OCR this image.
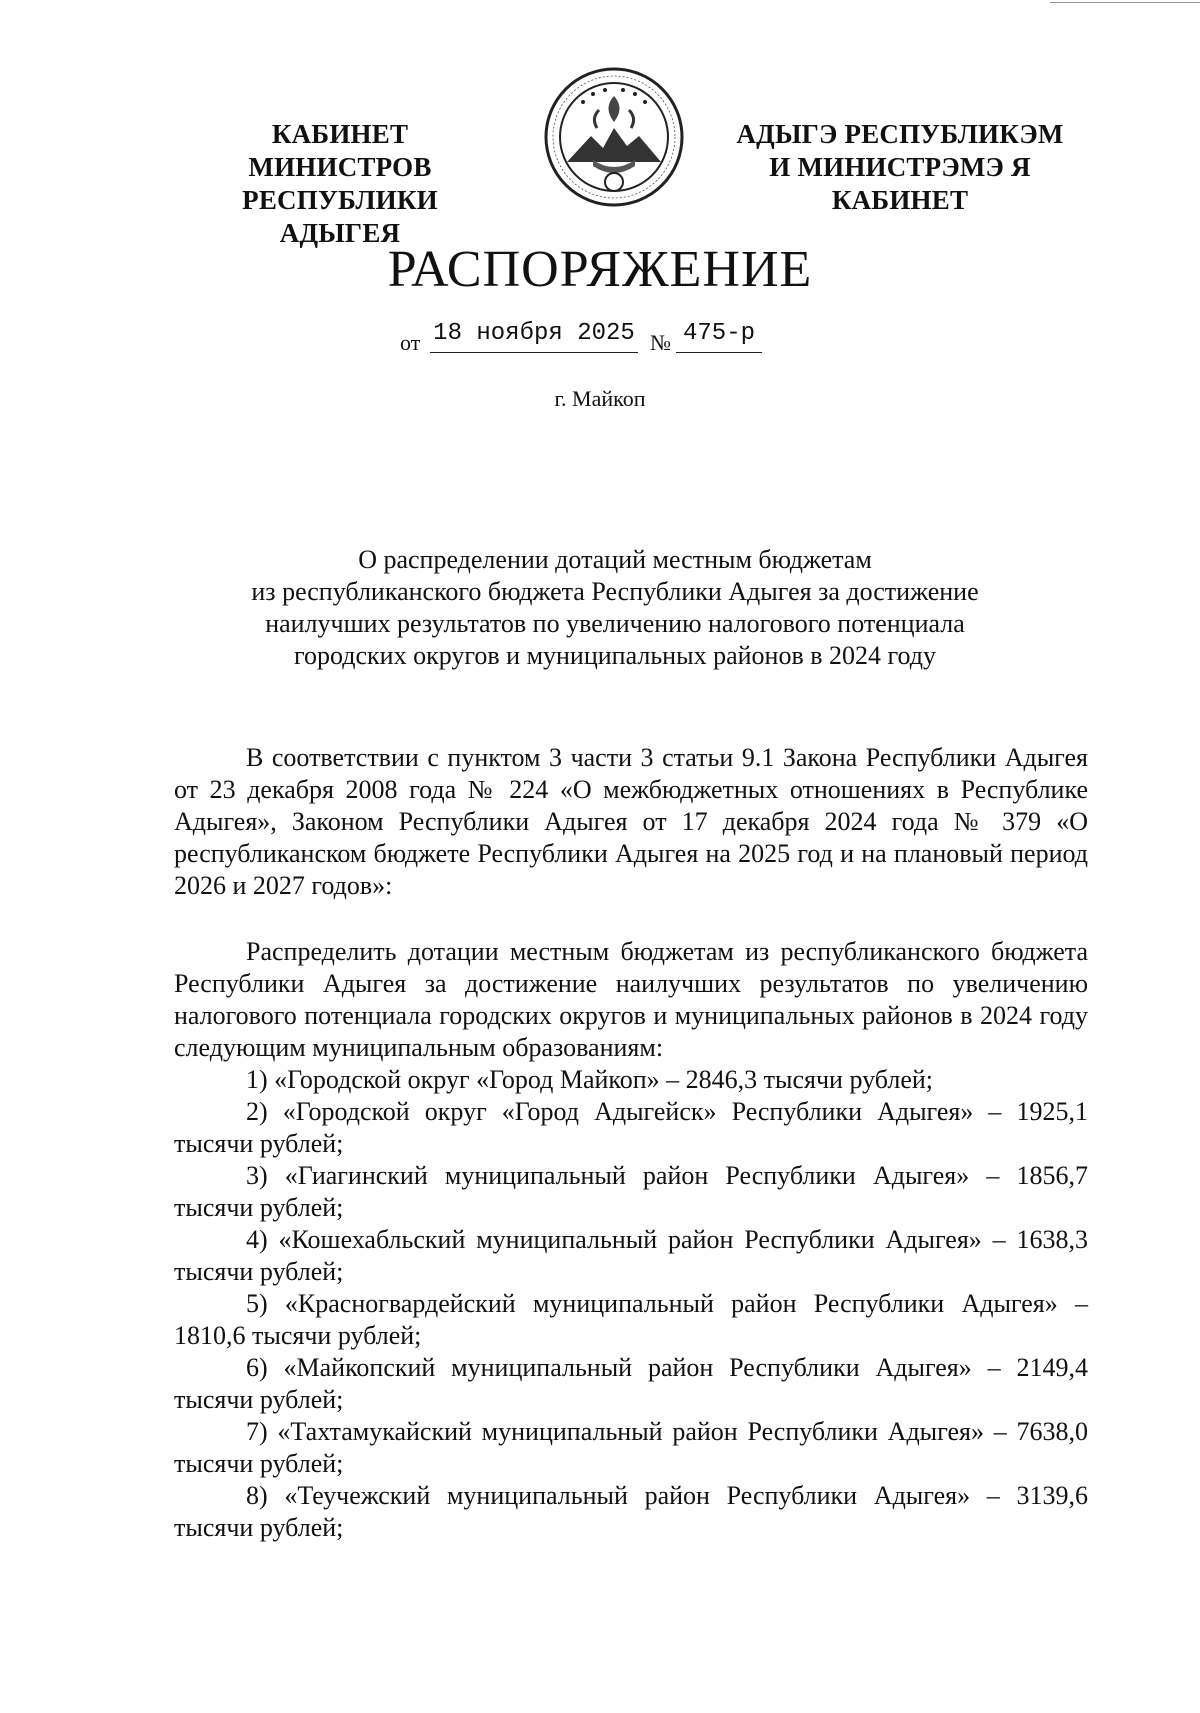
КАБИНЕТ МИНИСТРОВ
РЕСПУБЛИКИ АДЫГЕЯ
АДЫГЭ РЕСПУБЛИКЭМ
И МИНИСТРЭМЭ Я КАБИНЕТ
РАСПОРЯЖЕНИЕ
от 18 ноября 2025 № 475-р
г. Майкоп
О распределении дотаций местным бюджетам
из республиканского бюджета Республики Адыгея за достижение
наилучших результатов по увеличению налогового потенциала
городских округов и муниципальных районов в 2024 году

В соответствии с пунктом 3 части 3 статьи 9.1 Закона Республики Адыгея от 23 декабря 2008 года № 224 «О межбюджетных отношениях в Республике Адыгея», Законом Республики Адыгея от 17 декабря 2024 года № 379 «О республиканском бюджете Республики Адыгея на 2025 год и на плановый период 2026 и 2027 годов»:

Распределить дотации местным бюджетам из республиканского бюджета Республики Адыгея за достижение наилучших результатов по увеличению налогового потенциала городских округов и муниципальных районов в 2024 году следующим муниципальным образованиям:

1) «Городской округ «Город Майкоп» – 2846,3 тысячи рублей;

2) «Городской округ «Город Адыгейск» Республики Адыгея» – 1925,1 тысячи рублей;

3) «Гиагинский муниципальный район Республики Адыгея» – 1856,7 тысячи рублей;

4) «Кошехабльский муниципальный район Республики Адыгея» – 1638,3 тысячи рублей;

5) «Красногвардейский муниципальный район Республики Адыгея» – 1810,6 тысячи рублей;

6) «Майкопский муниципальный район Республики Адыгея» – 2149,4 тысячи рублей;

7) «Тахтамукайский муниципальный район Республики Адыгея» – 7638,0 тысячи рублей;

8) «Теучежский муниципальный район Республики Адыгея» – 3139,6 тысячи рублей;
